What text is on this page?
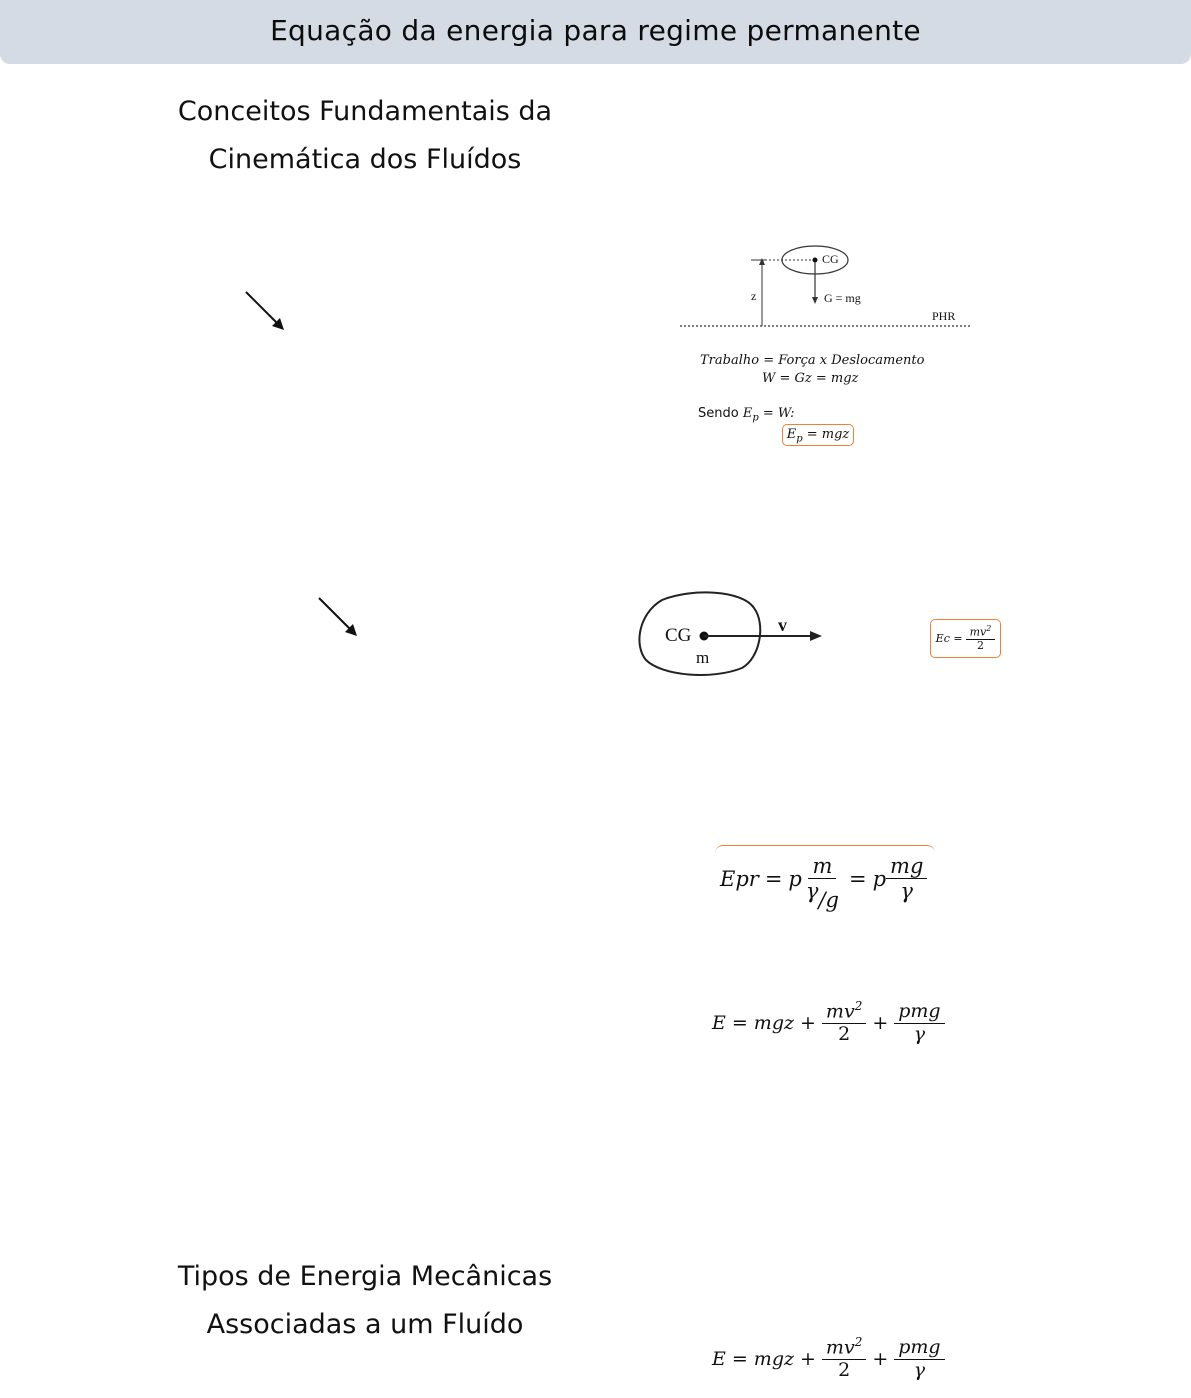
Equação da energia para regime permanente
Conceitos Fundamentais da
Cinemática dos Fluídos
Tipos de Energia Mecânicas
Associadas a um Fluído
CG
z	G = mg
PHR
Trabalho = Força x Deslocamento
W = Gz = mgz
Sendo $E_p = W$:
$E_p$ = mgz
CG
m
v
$Ec = \frac{mv^2}{2}$
Epr = p $\frac{m}{\gamma/g} = p \frac{mg}{\gamma}$
E = mgz + $\frac{mv^2}{2} + \frac{\text{pmg}}{\gamma}$
E = mgz + $\frac{mv^2}{2} + \frac{\text{pmg}}{\gamma}$
